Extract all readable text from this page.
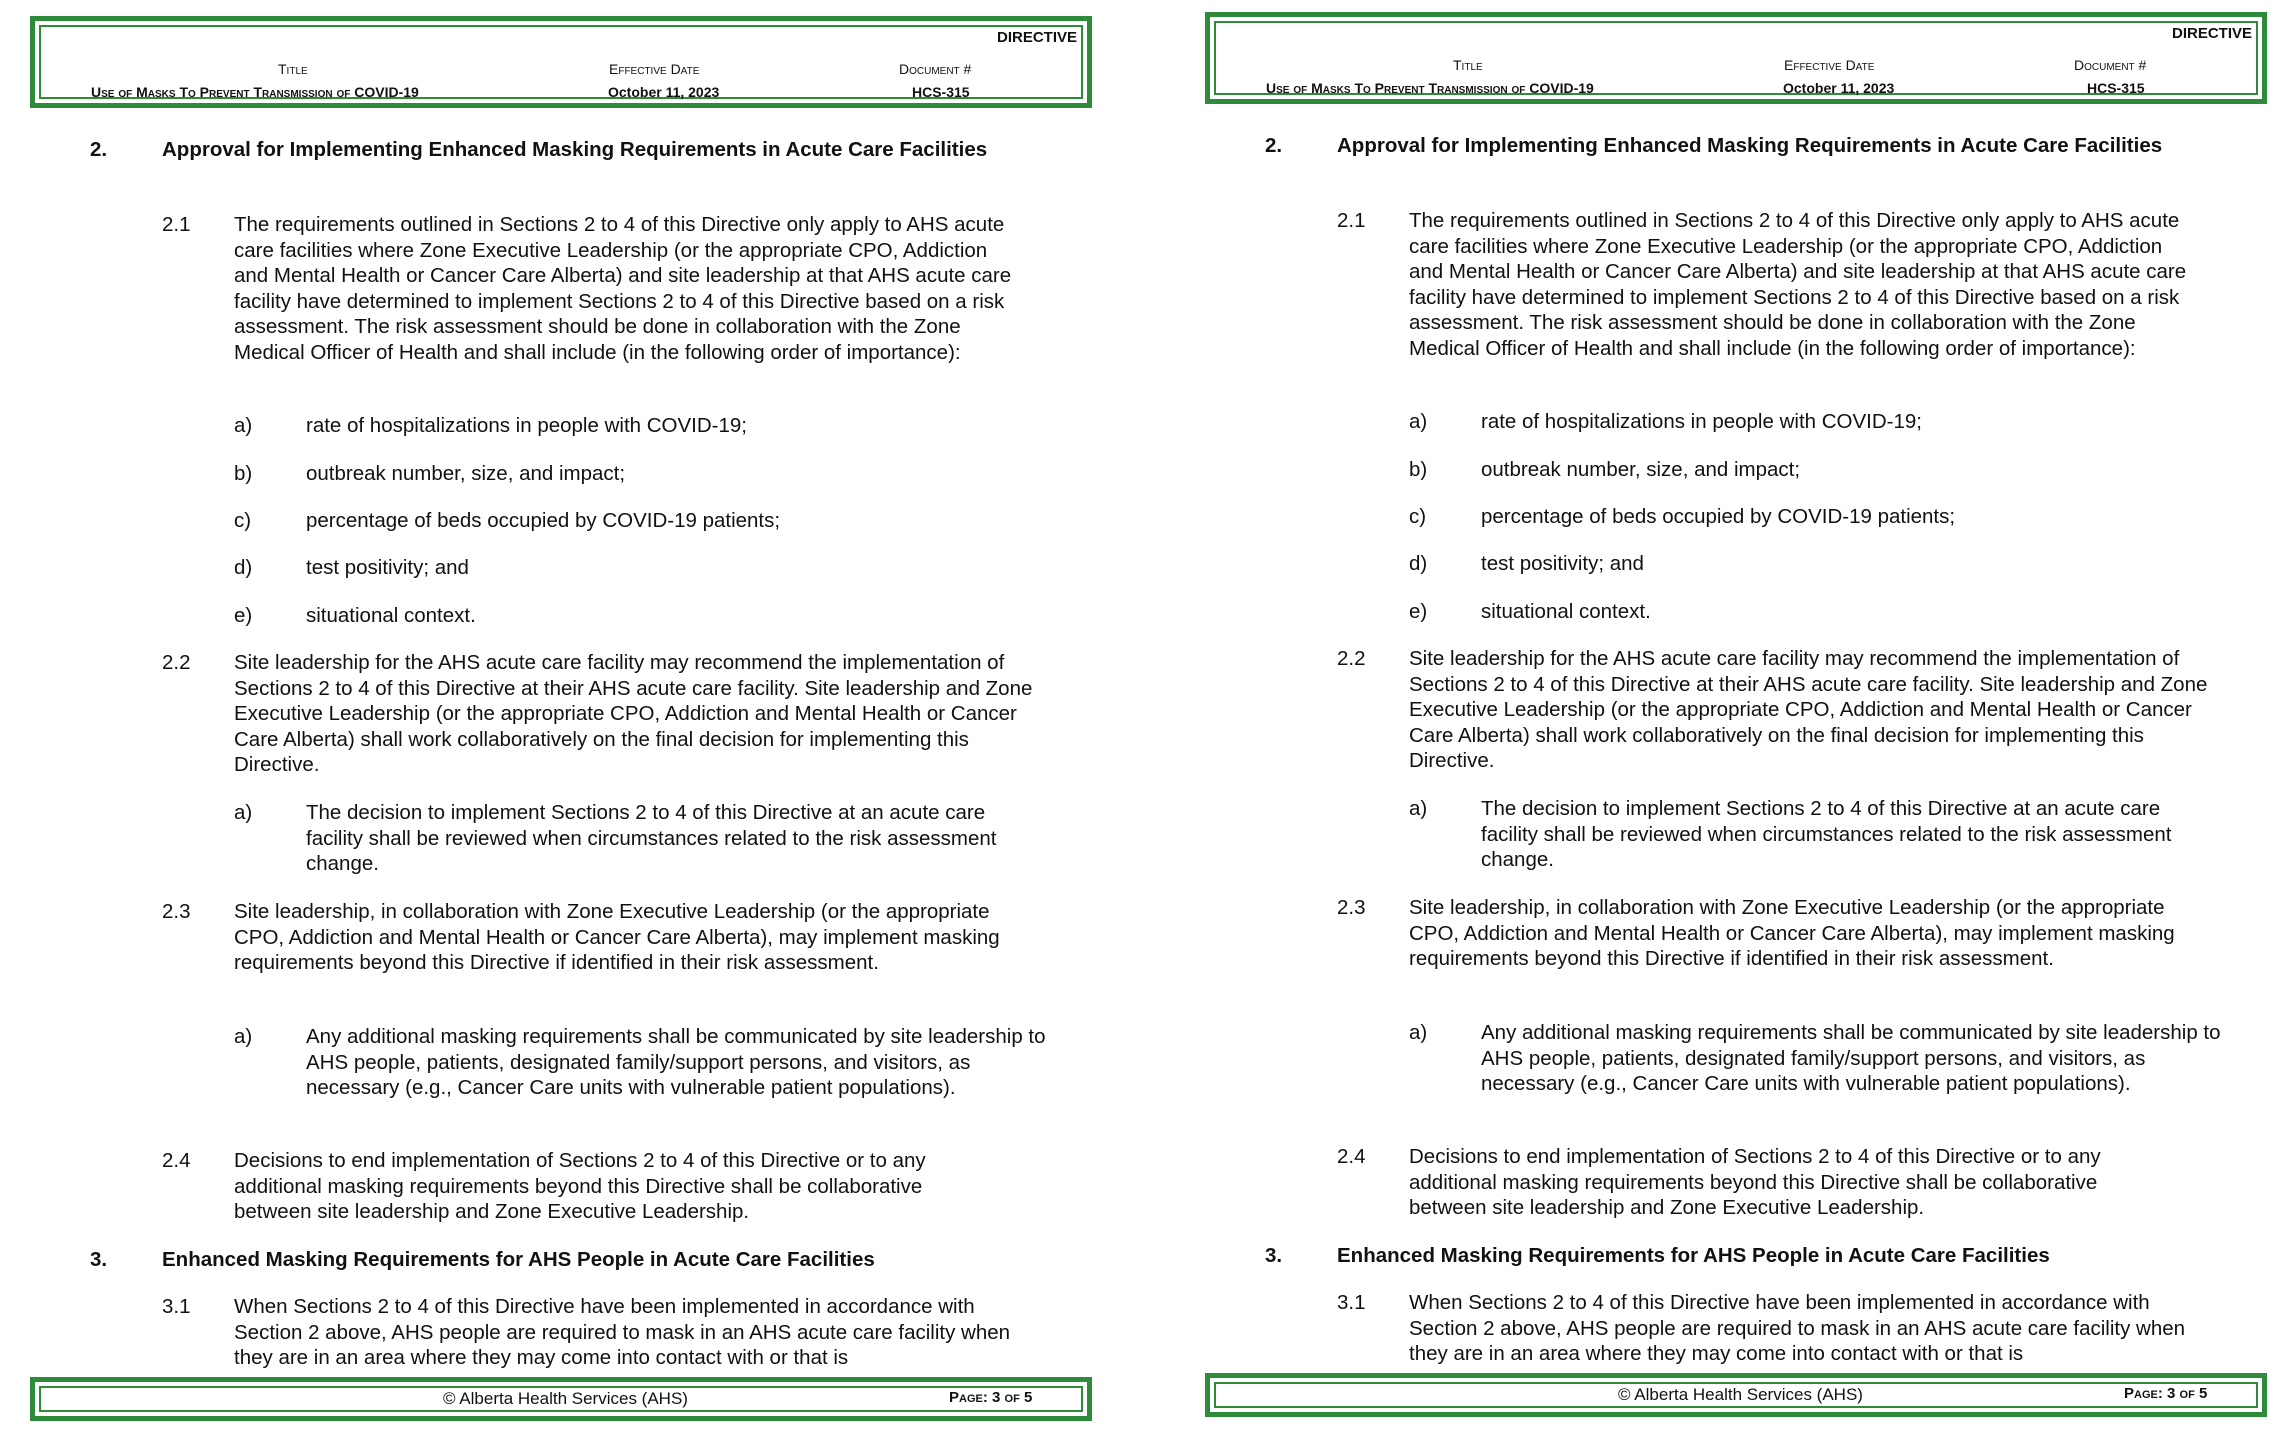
DIRECTIVE
Title
Use of Masks To Prevent Transmission of COVID-19
Effective Date
October 11, 2023
Document #
HCS-315
2.	Approval for Implementing Enhanced Masking Requirements in Acute Care Facilities
2.1 The requirements outlined in Sections 2 to 4 of this Directive only apply to AHS acute care facilities where Zone Executive Leadership (or the appropriate CPO, Addiction and Mental Health or Cancer Care Alberta) and site leadership at that AHS acute care facility have determined to implement Sections 2 to 4 of this Directive based on a risk assessment. The risk assessment should be done in collaboration with the Zone Medical Officer of Health and shall include (in the following order of importance):
a)	rate of hospitalizations in people with COVID-19;
b)	outbreak number, size, and impact;
c)	percentage of beds occupied by COVID-19 patients;
d)	test positivity; and
e)	situational context.
2.2 Site leadership for the AHS acute care facility may recommend the implementation of Sections 2 to 4 of this Directive at their AHS acute care facility. Site leadership and Zone Executive Leadership (or the appropriate CPO, Addiction and Mental Health or Cancer Care Alberta) shall work collaboratively on the final decision for implementing this Directive.
a)	The decision to implement Sections 2 to 4 of this Directive at an acute care facility shall be reviewed when circumstances related to the risk assessment change.
2.3 Site leadership, in collaboration with Zone Executive Leadership (or the appropriate CPO, Addiction and Mental Health or Cancer Care Alberta), may implement masking requirements beyond this Directive if identified in their risk assessment.
a)	Any additional masking requirements shall be communicated by site leadership to AHS people, patients, designated family/support persons, and visitors, as necessary (e.g., Cancer Care units with vulnerable patient populations).
2.4 Decisions to end implementation of Sections 2 to 4 of this Directive or to any additional masking requirements beyond this Directive shall be collaborative between site leadership and Zone Executive Leadership.
3.	Enhanced Masking Requirements for AHS People in Acute Care Facilities
3.1 When Sections 2 to 4 of this Directive have been implemented in accordance with Section 2 above, AHS people are required to mask in an AHS acute care facility when they are in an area where they may come into contact with or that is
© Alberta Health Services (AHS)	Page: 3 of 5
DIRECTIVE
Title
Use of Masks To Prevent Transmission of COVID-19
Effective Date
October 11, 2023
Document #
HCS-315
2.	Approval for Implementing Enhanced Masking Requirements in Acute Care Facilities
2.1 The requirements outlined in Sections 2 to 4 of this Directive only apply to AHS acute care facilities where Zone Executive Leadership (or the appropriate CPO, Addiction and Mental Health or Cancer Care Alberta) and site leadership at that AHS acute care facility have determined to implement Sections 2 to 4 of this Directive based on a risk assessment. The risk assessment should be done in collaboration with the Zone Medical Officer of Health and shall include (in the following order of importance):
a)	rate of hospitalizations in people with COVID-19;
b)	outbreak number, size, and impact;
c)	percentage of beds occupied by COVID-19 patients;
d)	test positivity; and
e)	situational context.
2.2 Site leadership for the AHS acute care facility may recommend the implementation of Sections 2 to 4 of this Directive at their AHS acute care facility. Site leadership and Zone Executive Leadership (or the appropriate CPO, Addiction and Mental Health or Cancer Care Alberta) shall work collaboratively on the final decision for implementing this Directive.
a)	The decision to implement Sections 2 to 4 of this Directive at an acute care facility shall be reviewed when circumstances related to the risk assessment change.
2.3 Site leadership, in collaboration with Zone Executive Leadership (or the appropriate CPO, Addiction and Mental Health or Cancer Care Alberta), may implement masking requirements beyond this Directive if identified in their risk assessment.
a)	Any additional masking requirements shall be communicated by site leadership to AHS people, patients, designated family/support persons, and visitors, as necessary (e.g., Cancer Care units with vulnerable patient populations).
2.4 Decisions to end implementation of Sections 2 to 4 of this Directive or to any additional masking requirements beyond this Directive shall be collaborative between site leadership and Zone Executive Leadership.
3.	Enhanced Masking Requirements for AHS People in Acute Care Facilities
3.1 When Sections 2 to 4 of this Directive have been implemented in accordance with Section 2 above, AHS people are required to mask in an AHS acute care facility when they are in an area where they may come into contact with or that is
© Alberta Health Services (AHS)	Page: 3 of 5
